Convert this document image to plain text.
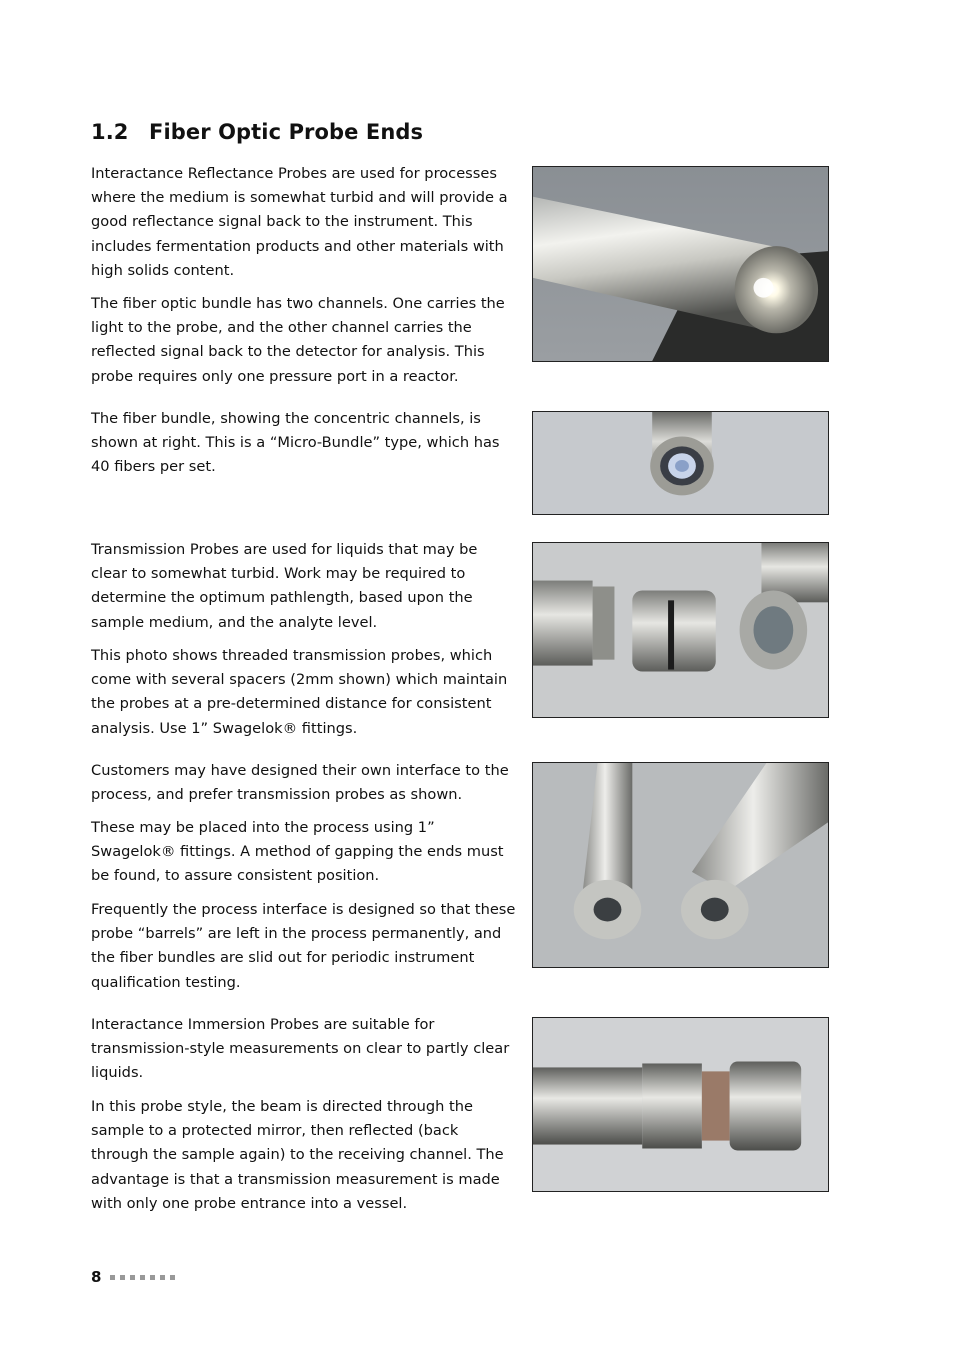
1.2 Fiber Optic Probe Ends

Interactance Reflectance Probes are used for processes where the medium is somewhat turbid and will provide a good reflectance signal back to the instrument. This includes fermentation products and other materials with high solids content.

The fiber optic bundle has two channels. One carries the light to the probe, and the other channel carries the reflected signal back to the detector for analysis. This probe requires only one pressure port in a reactor.

The fiber bundle, showing the concentric channels, is shown at right. This is a “Micro-Bundle” type, which has 40 fibers per set.

Transmission Probes are used for liquids that may be clear to somewhat turbid. Work may be required to determine the optimum pathlength, based upon the sample medium, and the analyte level.

This photo shows threaded transmission probes, which come with several spacers (2mm shown) which maintain the probes at a pre-determined distance for consistent analysis. Use 1” Swagelok® fittings.

Customers may have designed their own interface to the process, and prefer transmission probes as shown.

These may be placed into the process using 1” Swagelok® fittings. A method of gapping the ends must be found, to assure consistent position.

Frequently the process interface is designed so that these probe “barrels” are left in the process permanently, and the fiber bundles are slid out for periodic instrument qualification testing.

Interactance Immersion Probes are suitable for transmission-style measurements on clear to partly clear liquids.

In this probe style, the beam is directed through the sample to a protected mirror, then reflected (back through the sample again) to the receiving channel. The advantage is that a transmission measurement is made with only one probe entrance into a vessel.

8
